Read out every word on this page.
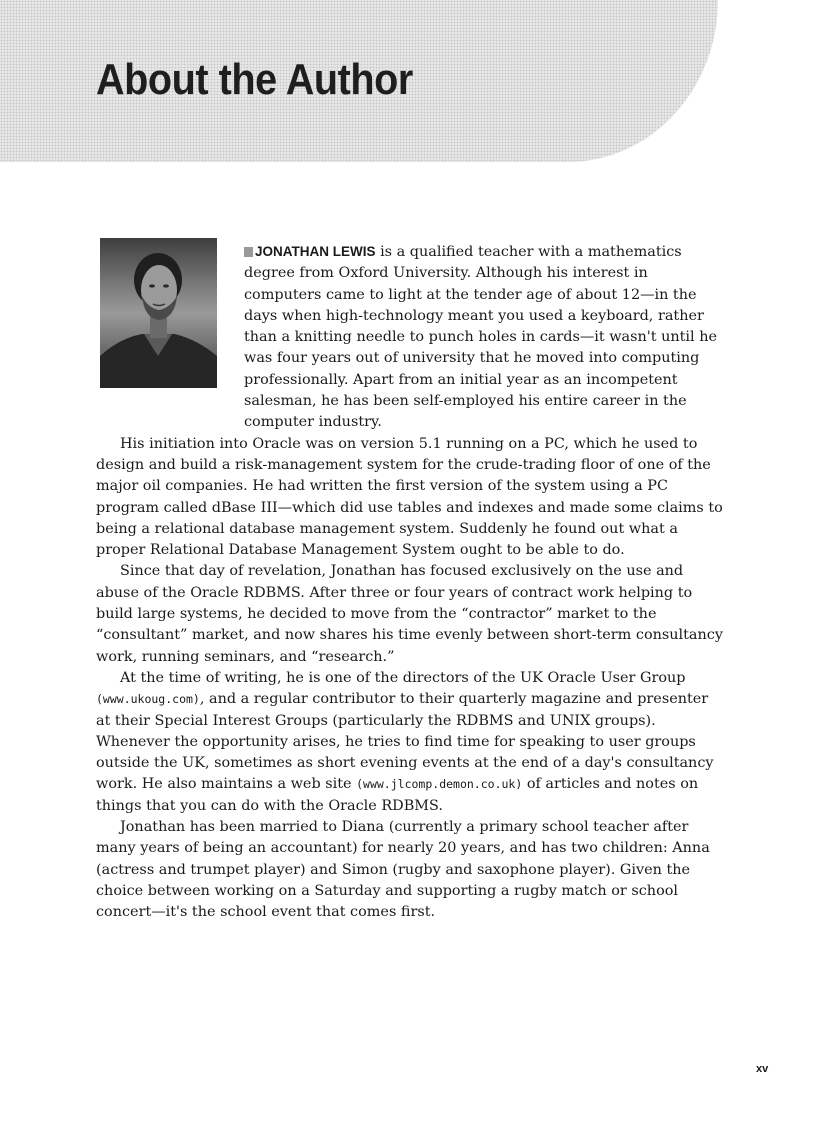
About the Author

JONATHAN LEWIS is a qualified teacher with a mathematics degree from Oxford University. Although his interest in computers came to light at the tender age of about 12—in the days when high-technology meant you used a keyboard, rather than a knitting needle to punch holes in cards—it wasn't until he was four years out of university that he moved into computing professionally. Apart from an initial year as an incompetent salesman, he has been self-employed his entire career in the computer industry.

His initiation into Oracle was on version 5.1 running on a PC, which he used to design and build a risk-management system for the crude-trading floor of one of the major oil companies. He had written the first version of the system using a PC program called dBase III—which did use tables and indexes and made some claims to being a relational database management system. Suddenly he found out what a proper Relational Database Management System ought to be able to do.

Since that day of revelation, Jonathan has focused exclusively on the use and abuse of the Oracle RDBMS. After three or four years of contract work helping to build large systems, he decided to move from the “contractor” market to the “consultant” market, and now shares his time evenly between short-term consultancy work, running seminars, and “research.”

At the time of writing, he is one of the directors of the UK Oracle User Group (www.ukoug.com), and a regular contributor to their quarterly magazine and presenter at their Special Interest Groups (particularly the RDBMS and UNIX groups). Whenever the opportunity arises, he tries to find time for speaking to user groups outside the UK, sometimes as short evening events at the end of a day's consultancy work. He also maintains a web site (www.jlcomp.demon.co.uk) of articles and notes on things that you can do with the Oracle RDBMS.

Jonathan has been married to Diana (currently a primary school teacher after many years of being an accountant) for nearly 20 years, and has two children: Anna (actress and trumpet player) and Simon (rugby and saxophone player). Given the choice between working on a Saturday and supporting a rugby match or school concert—it's the school event that comes first.

xv
